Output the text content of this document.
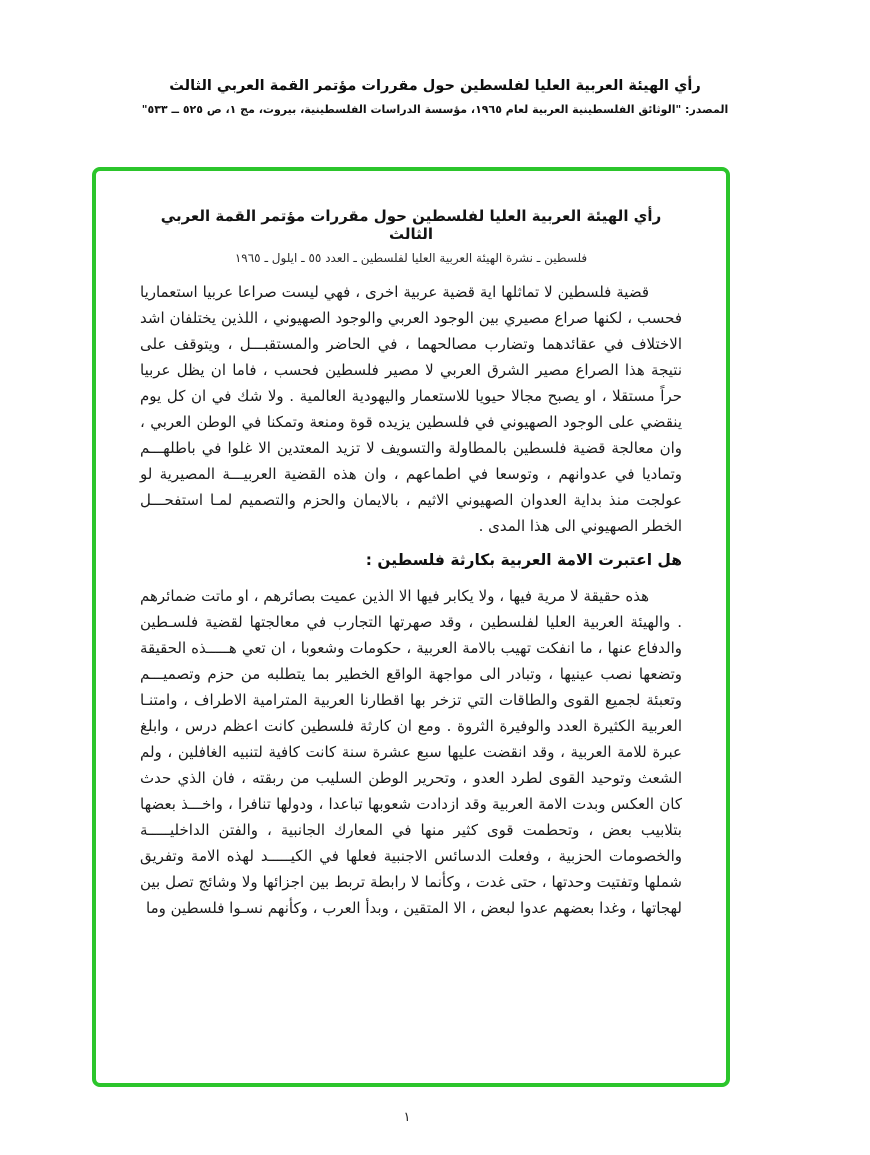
رأي الهيئة العربية العليا لفلسطين حول مقررات مؤتمر القمة العربي الثالث
المصدر: "الوثائق الفلسطينية العربية لعام ١٩٦٥، مؤسسة الدراسات الفلسطينية، بيروت، مج ١، ص ٥٢٥ ــ ٥٣٣"
رأي الهيئة العربية العليا لفلسطين حول مقررات مؤتمر القمة العربي الثالث
فلسطين ـ نشرة الهيئة العربية العليا لفلسطين ـ العدد ٥٥ ـ ايلول ـ ١٩٦٥

قضية فلسطين لا تماثلها اية قضية عربية اخرى ، فهي ليست صراعا عربيا استعماريا فحسب ، لكنها صراع مصيري بين الوجود العربي والوجود الصهيوني ، اللذين يختلفان اشد الاختلاف في عقائدهما وتضارب مصالحهما ، في الحاضر والمستقبـــل ، ويتوقف على نتيجة هذا الصراع مصير الشرق العربي لا مصير فلسطين فحسب ، فاما ان يظل عربيا حراً مستقلا ، او يصبح مجالا حيويا للاستعمار واليهودية العالمية . ولا شك في ان كل يوم ينقضي على الوجود الصهيوني في فلسطين يزيده قوة ومنعة وتمكنا في الوطن العربي ، وان معالجة قضية فلسطين بالمطاولة والتسويف لا تزيد المعتدين الا غلوا في باطلهـــم وتماديا في عدوانهم ، وتوسعا في اطماعهم ، وان هذه القضية العربيـــة المصيرية لو عولجت منذ بداية العدوان الصهيوني الاثيم ، بالايمان والحزم والتصميم لمـا استفحـــل الخطر الصهيوني الى هذا المدى .

هل اعتبرت الامة العربية بكارثة فلسطين :

هذه حقيقة لا مرية فيها ، ولا يكابر فيها الا الذين عميت بصائرهم ، او ماتت ضمائرهم . والهيئة العربية العليا لفلسطين ، وقد صهرتها التجارب في معالجتها لقضية فلسـطين والدفاع عنها ، ما انفكت تهيب بالامة العربية ، حكومات وشعوبا ، ان تعي هـــــذه الحقيقة وتضعها نصب عينيها ، وتبادر الى مواجهة الواقع الخطير بما يتطلبه من حزم وتصميـــم وتعبئة لجميع القوى والطاقات التي تزخر بها اقطارنا العربية المترامية الاطراف ، وامتنـا العربية الكثيرة العدد والوفيرة الثروة . ومع ان كارثة فلسطين كانت اعظم درس ، وابلغ عبرة للامة العربية ، وقد انقضت عليها سبع عشرة سنة كانت كافية لتنبيه الغافلين ، ولم الشعث وتوحيد القوى لطرد العدو ، وتحرير الوطن السليب من ربقته ، فان الذي حدث كان العكس وبدت الامة العربية وقد ازدادت شعوبها تباعدا ، ودولها تنافرا ، واخـــذ بعضها بتلابيب بعض ، وتحطمت قوى كثير منها في المعارك الجانبية ، والفتن الداخليـــــة والخصومات الحزبية ، وفعلت الدسائس الاجنبية فعلها في الكيـــــد لهذه الامة وتفريق شملها وتفتيت وحدتها ، حتى غدت ، وكأنما لا رابطة تربط بين اجزائها ولا وشائج تصل بين لهجاتها ، وغدا بعضهم عدوا لبعض ، الا المتقين ، وبدأ العرب ، وكأنهم نسـوا فلسطين وما

١
